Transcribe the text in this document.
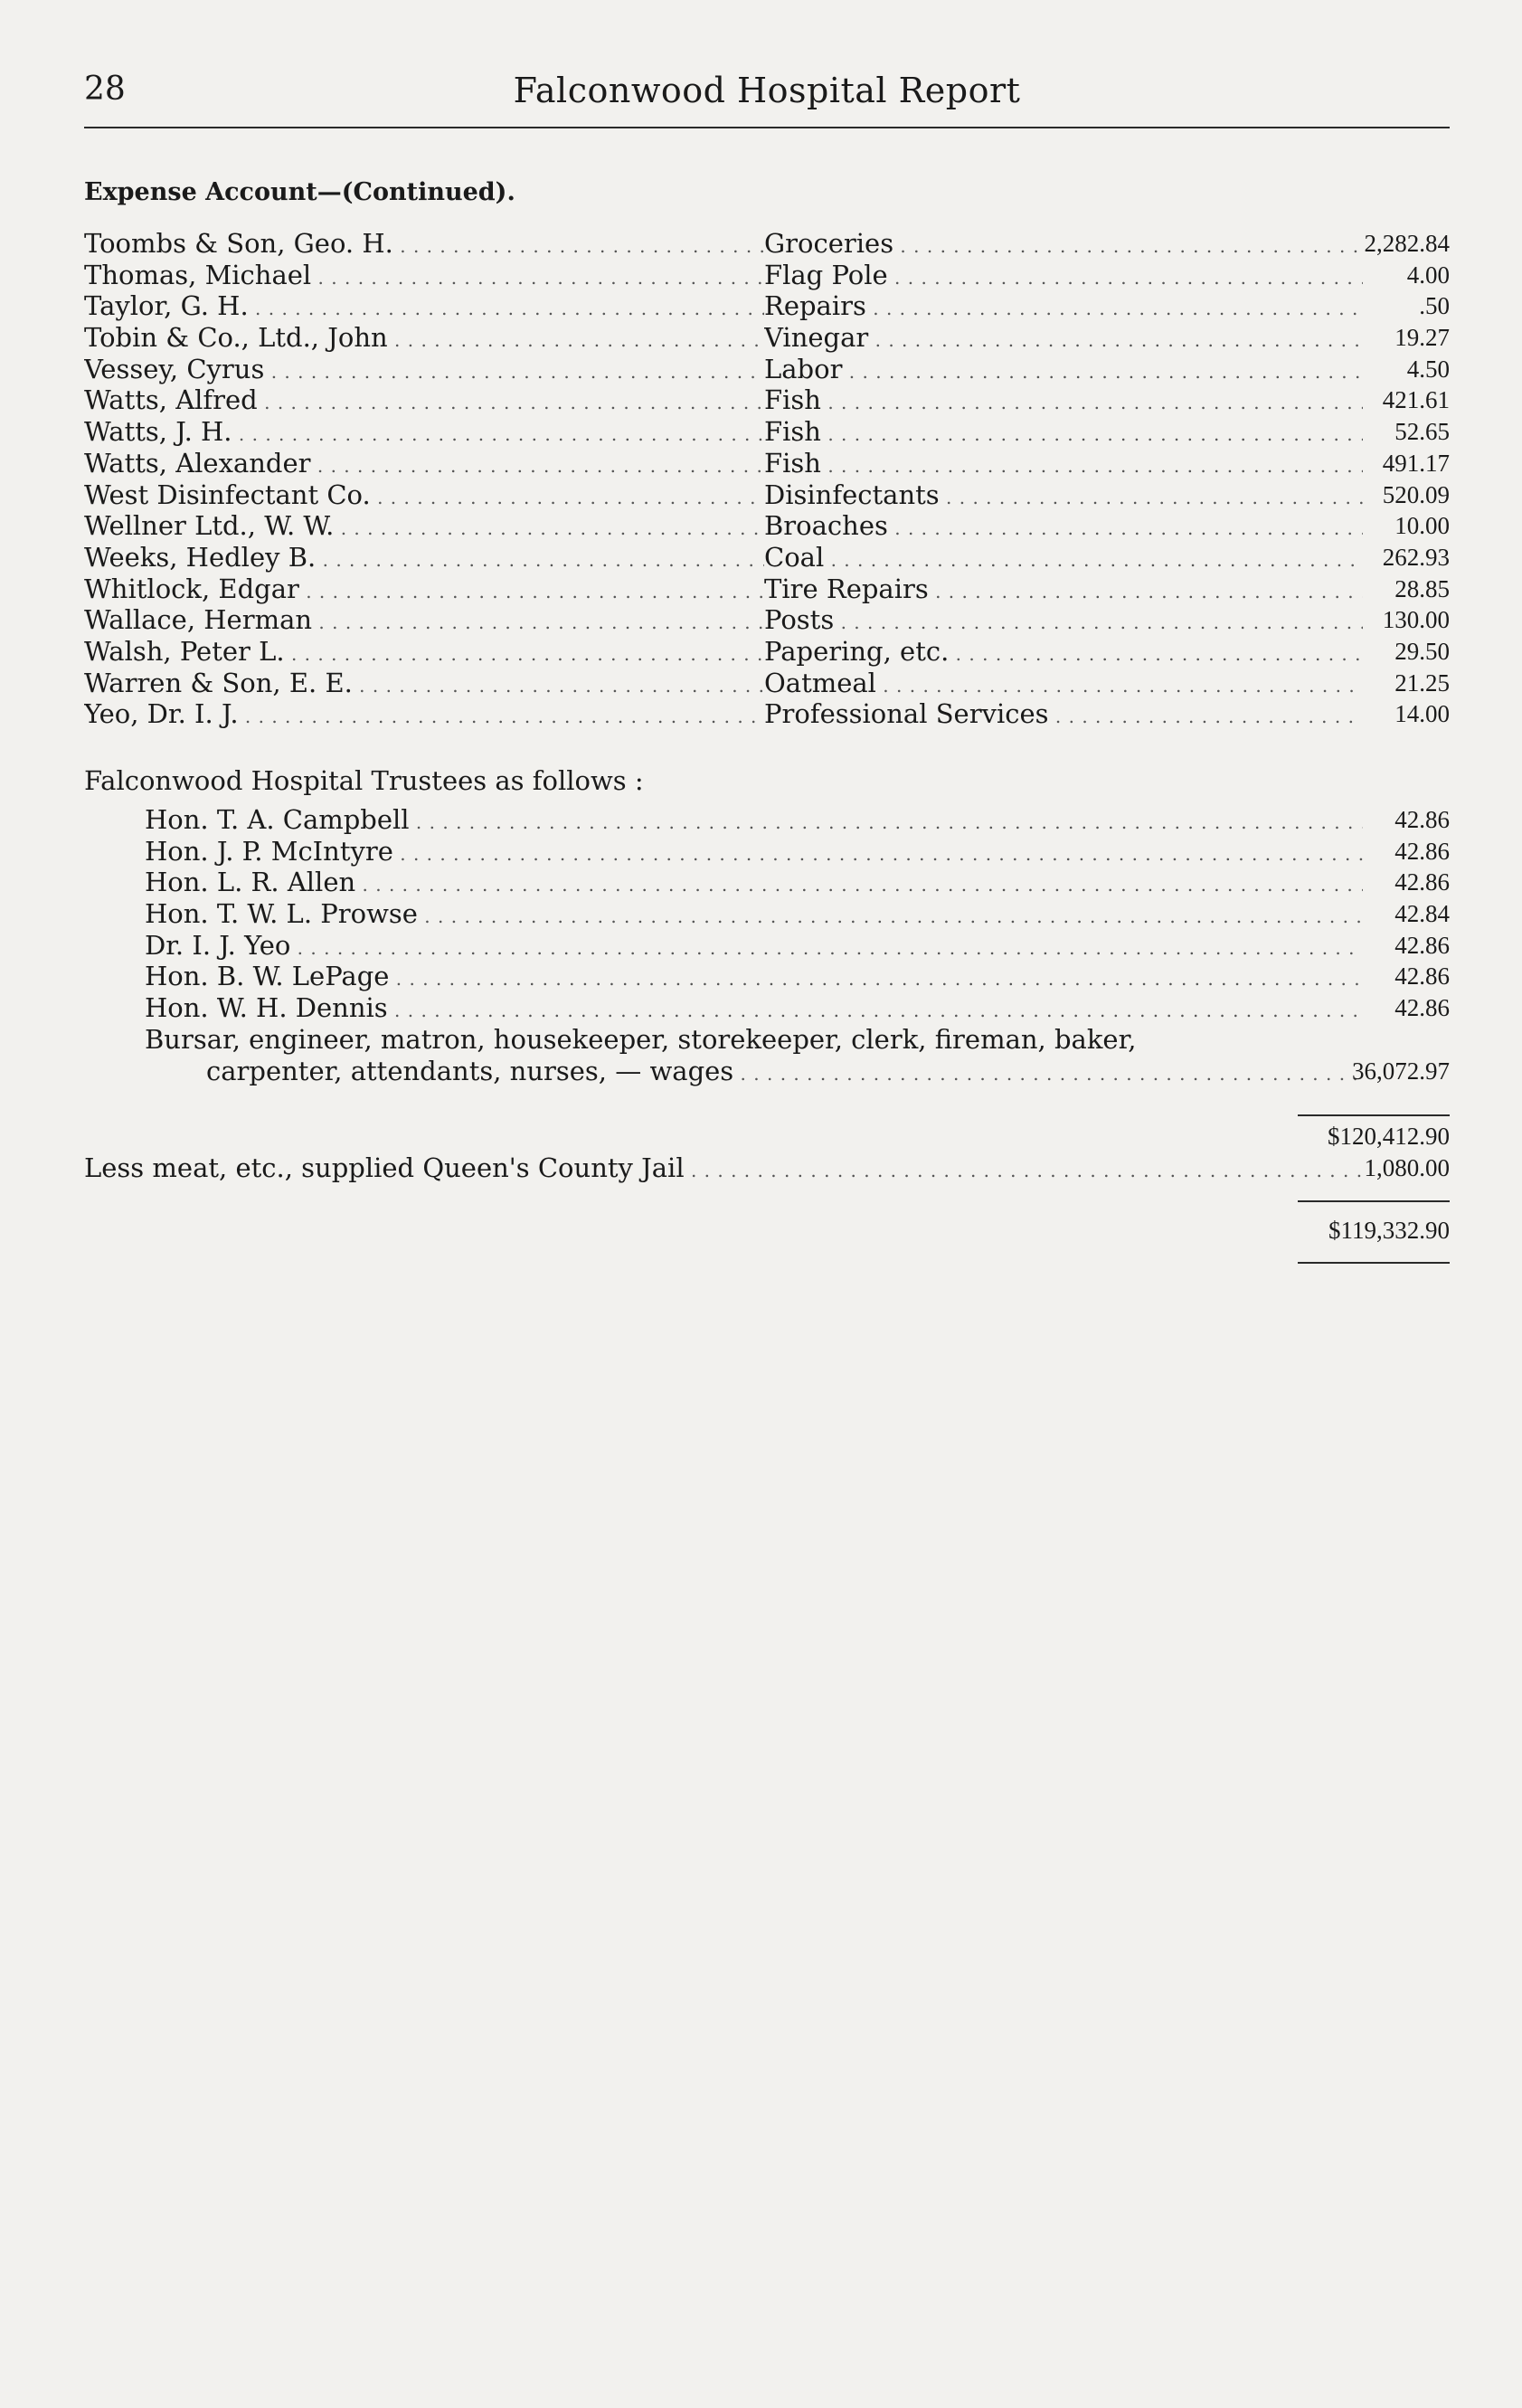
28	Falconwood Hospital Report
Expense Account—(Continued).
Toombs & Son, Geo. H. . . .	Groceries . . .	2,282.84
Thomas, Michael . . .	Flag Pole . . .	4.00
Taylor, G. H. . . .	Repairs . . .	.50
Tobin & Co., Ltd., John . . .	Vinegar . . .	19.27
Vessey, Cyrus . . .	Labor . . .	4.50
Watts, Alfred . . .	Fish . . .	421.61
Watts, J. H. . . .	Fish . . .	52.65
Watts, Alexander . . .	Fish . . .	491.17
West Disinfectant Co. . . .	Disinfectants . . .	520.09
Wellner Ltd., W. W. . . .	Broaches . . .	10.00
Weeks, Hedley B. . . .	Coal . . .	262.93
Whitlock, Edgar . . .	Tire Repairs . . .	28.85
Wallace, Herman . . .	Posts . . .	130.00
Walsh, Peter L. . . .	Papering, etc. . . .	29.50
Warren & Son, E. E. . . .	Oatmeal . . .	21.25
Yeo, Dr. I. J. . . .	Professional Services . . .	14.00
Falconwood Hospital Trustees as follows :
Hon. T. A. Campbell . . .	42.86
Hon. J. P. McIntyre . . .	42.86
Hon. L. R. Allen . . .	42.86
Hon. T. W. L. Prowse . . .	42.84
Dr. I. J. Yeo . . .	42.86
Hon. B. W. LePage . . .	42.86
Hon. W. H. Dennis . . .	42.86
Bursar, engineer, matron, housekeeper, storekeeper, clerk, fireman, baker,
carpenter, attendants, nurses, — wages . . .	36,072.97
$120,412.90
Less meat, etc., supplied Queen's County Jail . . .	1,080.00
$119,332.90
